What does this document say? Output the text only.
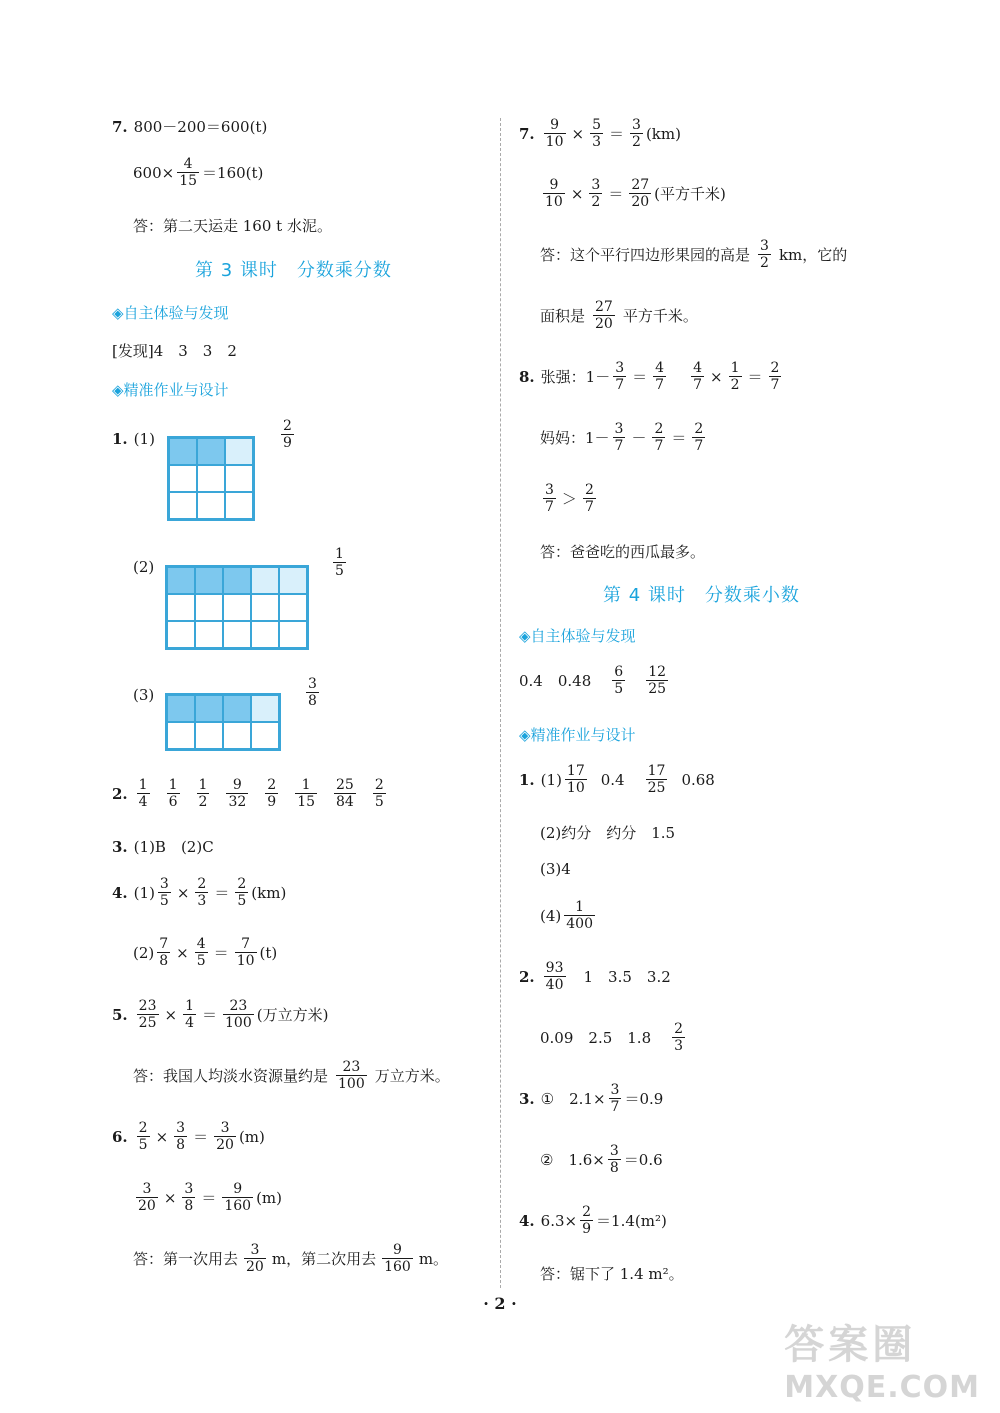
7. 800－200＝600(t)
$600\times \frac{4}{15} =160(t)$
答：第二天运走 160 t 水泥。
第 3 课时　分数乘分数
◈自主体验与发现
[发现]4　3　3　2
◈精准作业与设计
1. (1)	$\frac{2}{9}$
(2)	$\frac{1}{5}$
(3)	$\frac{3}{8}$
2. $\frac{1}{4} \frac{1}{6} \frac{1}{2} \frac{9}{32} \frac{2}{9} \frac{1}{15} \frac{25}{84} \frac{2}{5}$
3. (1)B　(2)C
4. $(1) \frac{3}{5} \times \frac{2}{3} = \frac{2}{5} (km)$
$(2) \frac{7}{8} \times \frac{4}{5} = \frac{7}{10} (t)$
5. $\frac{23}{25} \times \frac{1}{4} = \frac{23}{100}$ (万立方米)
答：我国人均淡水资源量约是 $\frac{23}{100}$ 万立方米。
6. $\frac{2}{5} \times \frac{3}{8} = \frac{3}{20} (m)$
$\frac{3}{20} \times \frac{3}{8} = \frac{9}{160} (m)$
答：第一次用去 $\frac{3}{20}$ m，第二次用去 $\frac{9}{160}$ m。
7. $\frac{9}{10} \times \frac{5}{3} = \frac{3}{2} (km)$
$\frac{9}{10} \times \frac{3}{2} = \frac{27}{20}$ (平方千米)
答：这个平行四边形果园的高是 $\frac{3}{2}$ km，它的
面积是 $\frac{27}{20}$ 平方千米。
8. 张强：$1- \frac{3}{7} = \frac{4}{7} \frac{4}{7} \times \frac{1}{2} = \frac{2}{7}$
妈妈：$1- \frac{3}{7} - \frac{2}{7} = \frac{2}{7}$
$\frac{3}{7} > \frac{2}{7}$
答：爸爸吃的西瓜最多。
第 4 课时　分数乘小数
◈自主体验与发现
0.4　$0.48 \frac{6}{5} \frac{12}{25}$
◈精准作业与设计
1. $(1) \frac{17}{10} 0.4 \frac{17}{25} 0.68$
(2)约分　约分　1.5
(3)4
$(4) \frac{1}{400}$
2. $\frac{93}{40} 1$　3.5　3.2
0.09　2.5　$1.8 \frac{2}{3}$
3. ①　$2.1\times \frac{3}{7} =0.9$
②　$1.6\times \frac{3}{8} =0.6$
4. $6.3\times \frac{2}{9} =1.4(m^2)$
答：锯下了 1.4 m²。
· 2 ·
答案圈
MXQE.COM
